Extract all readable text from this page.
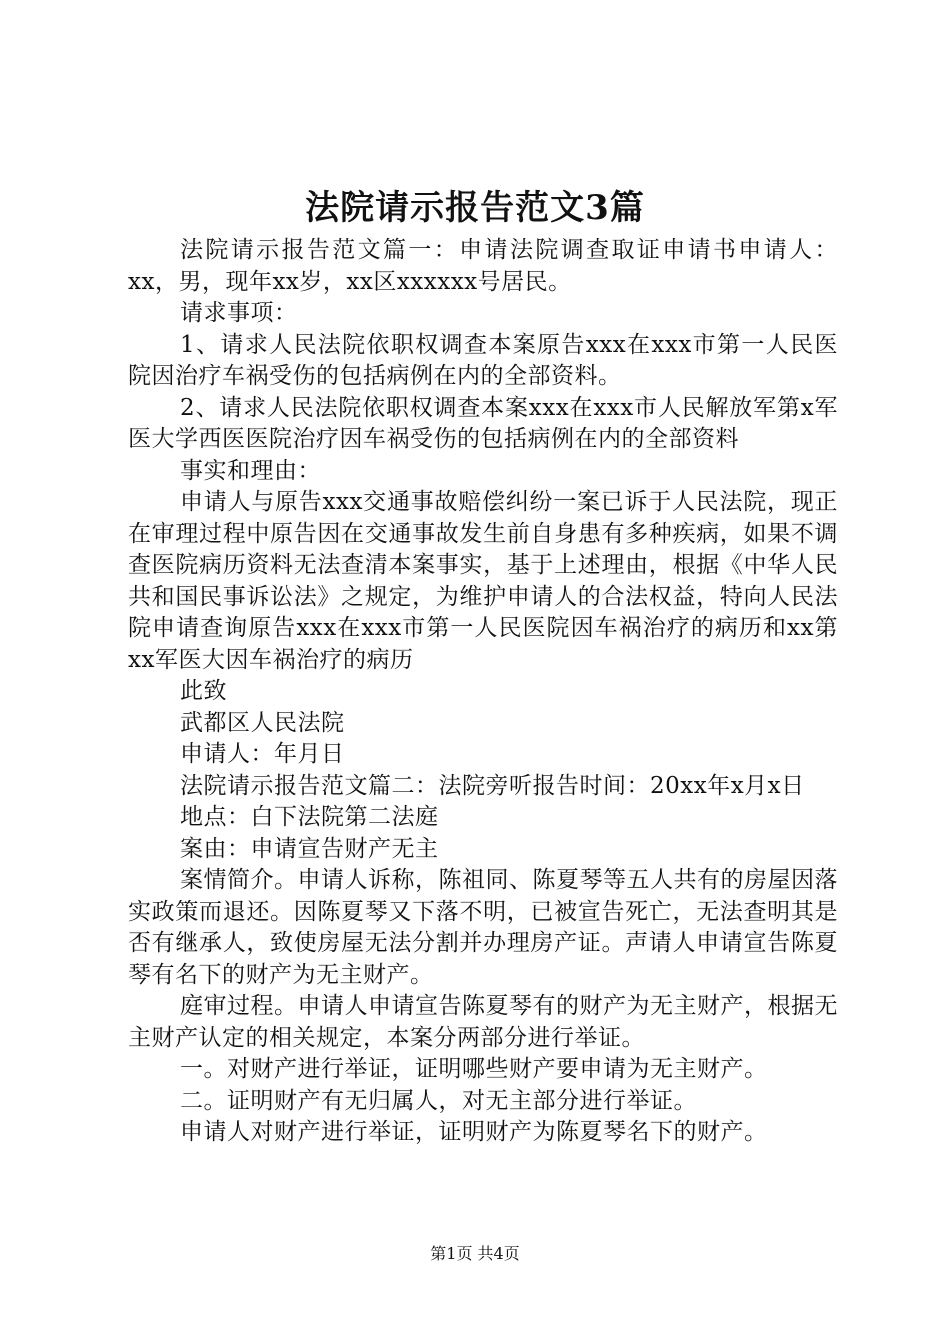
法院请示报告范文3篇

法院请示报告范文篇一：申请法院调查取证申请书申请人：xx，男，现年xx岁，xx区xxxxxx号居民。

请求事项：

1、请求人民法院依职权调查本案原告xxx在xxx市第一人民医院因治疗车祸受伤的包括病例在内的全部资料。

2、请求人民法院依职权调查本案xxx在xxx市人民解放军第x军医大学西医医院治疗因车祸受伤的包括病例在内的全部资料

事实和理由：

申请人与原告xxx交通事故赔偿纠纷一案已诉于人民法院，现正在审理过程中原告因在交通事故发生前自身患有多种疾病，如果不调查医院病历资料无法查清本案事实，基于上述理由，根据《中华人民共和国民事诉讼法》之规定，为维护申请人的合法权益，特向人民法院申请查询原告xxx在xxx市第一人民医院因车祸治疗的病历和xx第xx军医大因车祸治疗的病历

此致

武都区人民法院

申请人：年月日

法院请示报告范文篇二：法院旁听报告时间：20xx年x月x日

地点：白下法院第二法庭

案由：申请宣告财产无主

案情简介。申请人诉称，陈祖同、陈夏琴等五人共有的房屋因落实政策而退还。因陈夏琴又下落不明，已被宣告死亡，无法查明其是否有继承人，致使房屋无法分割并办理房产证。声请人申请宣告陈夏琴有名下的财产为无主财产。

庭审过程。申请人申请宣告陈夏琴有的财产为无主财产，根据无主财产认定的相关规定，本案分两部分进行举证。

一。对财产进行举证，证明哪些财产要申请为无主财产。

二。证明财产有无归属人，对无主部分进行举证。

申请人对财产进行举证，证明财产为陈夏琴名下的财产。

第1页 共4页
